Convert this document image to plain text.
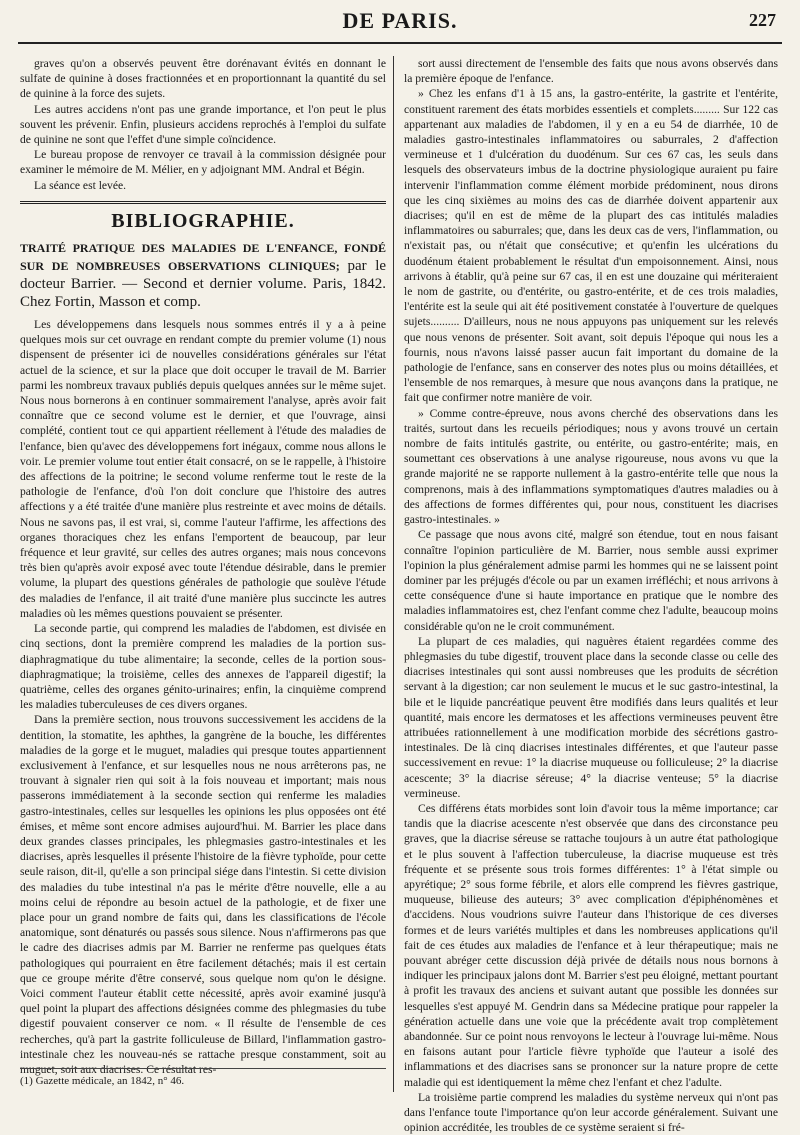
DE PARIS.	227

graves qu'on a observés peuvent être dorénavant évités en donnant le sulfate de quinine à doses fractionnées et en proportionnant la quantité du sel de quinine à la force des sujets.

Les autres accidens n'ont pas une grande importance, et l'on peut le plus souvent les prévenir. Enfin, plusieurs accidens reprochés à l'emploi du sulfate de quinine ne sont que l'effet d'une simple coïncidence.

Le bureau propose de renvoyer ce travail à la commission désignée pour examiner le mémoire de M. Mélier, en y adjoignant MM. Andral et Bégin.

La séance est levée.

BIBLIOGRAPHIE.
TRAITÉ PRATIQUE DES MALADIES DE L'ENFANCE, FONDÉ SUR DE NOMBREUSES OBSERVATIONS CLINIQUES; par le docteur Barrier. — Second et dernier volume. Paris, 1842. Chez Fortin, Masson et comp.

Les développemens dans lesquels nous sommes entrés il y a à peine quelques mois sur cet ouvrage en rendant compte du premier volume (1) nous dispensent de présenter ici de nouvelles considérations générales sur l'état actuel de la science, et sur la place que doit occuper le travail de M. Barrier parmi les nombreux travaux publiés depuis quelques années sur le même sujet. Nous nous bornerons à en continuer sommairement l'analyse, après avoir fait connaître que ce second volume est le dernier, et que l'ouvrage, ainsi complété, contient tout ce qui appartient réellement à l'étude des maladies de l'enfance, bien qu'avec des développemens fort inégaux, comme nous allons le voir. Le premier volume tout entier était consacré, on se le rappelle, à l'histoire des affections de la poitrine; le second volume renferme tout le reste de la pathologie de l'enfance, d'où l'on doit conclure que l'histoire des autres affections y a été traitée d'une manière plus restreinte et avec moins de détails. Nous ne savons pas, il est vrai, si, comme l'auteur l'affirme, les affections des organes thoraciques chez les enfans l'emportent de beaucoup, par leur fréquence et leur gravité, sur celles des autres organes; mais nous concevons très bien qu'après avoir exposé avec toute l'étendue désirable, dans le premier volume, la plupart des questions générales de pathologie que soulève l'étude des maladies de l'enfance, il ait traité d'une manière plus succincte les autres maladies où les mêmes questions pouvaient se présenter.

La seconde partie, qui comprend les maladies de l'abdomen, est divisée en cinq sections, dont la première comprend les maladies de la portion sus-diaphragmatique du tube alimentaire; la seconde, celles de la portion sous-diaphragmatique; la troisième, celles des annexes de l'appareil digestif; la quatrième, celles des organes génito-urinaires; enfin, la cinquième comprend les maladies tuberculeuses de ces divers organes.

Dans la première section, nous trouvons successivement les accidens de la dentition, la stomatite, les aphthes, la gangrène de la bouche, les différentes maladies de la gorge et le muguet, maladies qui presque toutes appartiennent exclusivement à l'enfance, et sur lesquelles nous ne nous arrêterons pas, ne trouvant à signaler rien qui soit à la fois nouveau et important; mais nous passerons immédiatement à la seconde section qui renferme les maladies gastro-intestinales, celles sur lesquelles les opinions les plus opposées ont été émises, et même sont encore admises aujourd'hui. M. Barrier les place dans deux grandes classes principales, les phlegmasies gastro-intestinales et les diacrises, après lesquelles il présente l'histoire de la fièvre typhoïde, pour cette seule raison, dit-il, qu'elle a son principal siége dans l'intestin. Si cette division des maladies du tube intestinal n'a pas le mérite d'être nouvelle, elle a au moins celui de répondre au besoin actuel de la pathologie, et de fixer une place pour un grand nombre de faits qui, dans les classifications de l'école anatomique, sont dénaturés ou passés sous silence. Nous n'affirmerons pas que le cadre des diacrises admis par M. Barrier ne renferme pas quelques états pathologiques qui pourraient en être facilement détachés; mais il est certain que ce groupe mérite d'être conservé, sous quelque nom qu'on le désigne. Voici comment l'auteur établit cette nécessité, après avoir examiné jusqu'à quel point la plupart des affections désignées comme des phlegmasies du tube digestif pouvaient conserver ce nom. « Il résulte de l'ensemble de ces recherches, qu'à part la gastrite folliculeuse de Billard, l'inflammation gastro-intestinale chez les nouveau-nés se rattache presque constamment, soit au muguet, soit aux diacrises. Ce résultat res-

sort aussi directement de l'ensemble des faits que nous avons observés dans la première époque de l'enfance.

» Chez les enfans d'1 à 15 ans, la gastro-entérite, la gastrite et l'entérite, constituent rarement des états morbides essentiels et complets......... Sur 122 cas appartenant aux maladies de l'abdomen, il y en a eu 54 de diarrhée, 10 de maladies gastro-intestinales inflammatoires ou saburrales, 2 d'affection vermineuse et 1 d'ulcération du duodénum. Sur ces 67 cas, les seuls dans lesquels des observateurs imbus de la doctrine physiologique auraient pu faire intervenir l'inflammation comme élément morbide prédominent, nous dirons que les cinq sixièmes au moins des cas de diarrhée doivent appartenir aux diacrises; qu'il en est de même de la plupart des cas intitulés maladies inflammatoires ou saburrales; que, dans les deux cas de vers, l'inflammation, ou n'existait pas, ou n'était que consécutive; et qu'enfin les ulcérations du duodénum étaient probablement le résultat d'un empoisonnement. Ainsi, nous arrivons à établir, qu'à peine sur 67 cas, il en est une douzaine qui mériteraient le nom de gastrite, ou d'entérite, ou gastro-entérite, et de ces trois maladies, l'entérite est la seule qui ait été positivement constatée à l'ouverture de quelques sujets.......... D'ailleurs, nous ne nous appuyons pas uniquement sur les relevés que nous venons de présenter. Soit avant, soit depuis l'époque qui nous les a fournis, nous n'avons laissé passer aucun fait important du domaine de la pathologie de l'enfance, sans en conserver des notes plus ou moins détaillées, et l'ensemble de nos remarques, à mesure que nous avançons dans la pratique, ne fait que confirmer notre manière de voir.

» Comme contre-épreuve, nous avons cherché des observations dans les traités, surtout dans les recueils périodiques; nous y avons trouvé un certain nombre de faits intitulés gastrite, ou entérite, ou gastro-entérite; mais, en soumettant ces observations à une analyse rigoureuse, nous avons vu que la grande majorité ne se rapporte nullement à la gastro-entérite telle que nous la comprenons, mais à des inflammations symptomatiques d'autres maladies ou à des affections de formes différentes qui, pour nous, constituent les diacrises gastro-intestinales. »

Ce passage que nous avons cité, malgré son étendue, tout en nous faisant connaître l'opinion particulière de M. Barrier, nous semble aussi exprimer l'opinion la plus généralement admise parmi les hommes qui ne se laissent point dominer par les préjugés d'école ou par un examen irréfléchi; et nous arrivons à cette conséquence d'une si haute importance en pratique que le nombre des maladies inflammatoires est, chez l'enfant comme chez l'adulte, beaucoup moins considérable qu'on ne le croit communément.

La plupart de ces maladies, qui naguères étaient regardées comme des phlegmasies du tube digestif, trouvent place dans la seconde classe ou celle des diacrises intestinales qui sont aussi nombreuses que les produits de sécrétion servant à la digestion; car non seulement le mucus et le suc gastro-intestinal, la bile et le liquide pancréatique peuvent être modifiés dans leurs qualités et leur quantité, mais encore les dermatoses et les affections vermineuses peuvent être attribuées rationnellement à une modification morbide des sécrétions gastro-intestinales. De là cinq diacrises intestinales différentes, et que l'auteur passe successivement en revue: 1° la diacrise muqueuse ou folliculeuse; 2° la diacrise acescente; 3° la diacrise séreuse; 4° la diacrise venteuse; 5° la diacrise vermineuse.

Ces différens états morbides sont loin d'avoir tous la même importance; car tandis que la diacrise acescente n'est observée que dans des circonstance peu graves, que la diacrise séreuse se rattache toujours à un autre état pathologique et le plus souvent à l'affection tuberculeuse, la diacrise muqueuse est très fréquente et se présente sous trois formes différentes: 1° à l'état simple ou apyrétique; 2° sous forme fébrile, et alors elle comprend les fièvres gastrique, muqueuse, bilieuse des auteurs; 3° avec complication d'épiphénomènes et d'accidens. Nous voudrions suivre l'auteur dans l'historique de ces diverses formes et de leurs variétés multiples et dans les nombreuses applications qu'il fait de ces études aux maladies de l'enfance et à leur thérapeutique; mais ne pouvant abréger cette discussion déjà privée de détails nous nous bornons à indiquer les principaux jalons dont M. Barrier s'est peu éloigné, mettant pourtant à profit les travaux des anciens et suivant autant que possible les données sur lesquelles s'est appuyé M. Gendrin dans sa Médecine pratique pour rappeler la génération actuelle dans une voie que la précédente avait trop complètement abandonnée. Sur ce point nous renvoyons le lecteur à l'ouvrage lui-même. Nous en faisons autant pour l'article fièvre typhoïde que l'auteur a isolé des inflammations et des diacrises sans se prononcer sur la nature propre de cette maladie qui est identiquement la même chez l'enfant et chez l'adulte.

La troisième partie comprend les maladies du système nerveux qui n'ont pas dans l'enfance toute l'importance qu'on leur accorde généralement. Suivant une opinion accréditée, les troubles de ce système seraient si fré-

(1) Gazette médicale, an 1842, n° 46.
